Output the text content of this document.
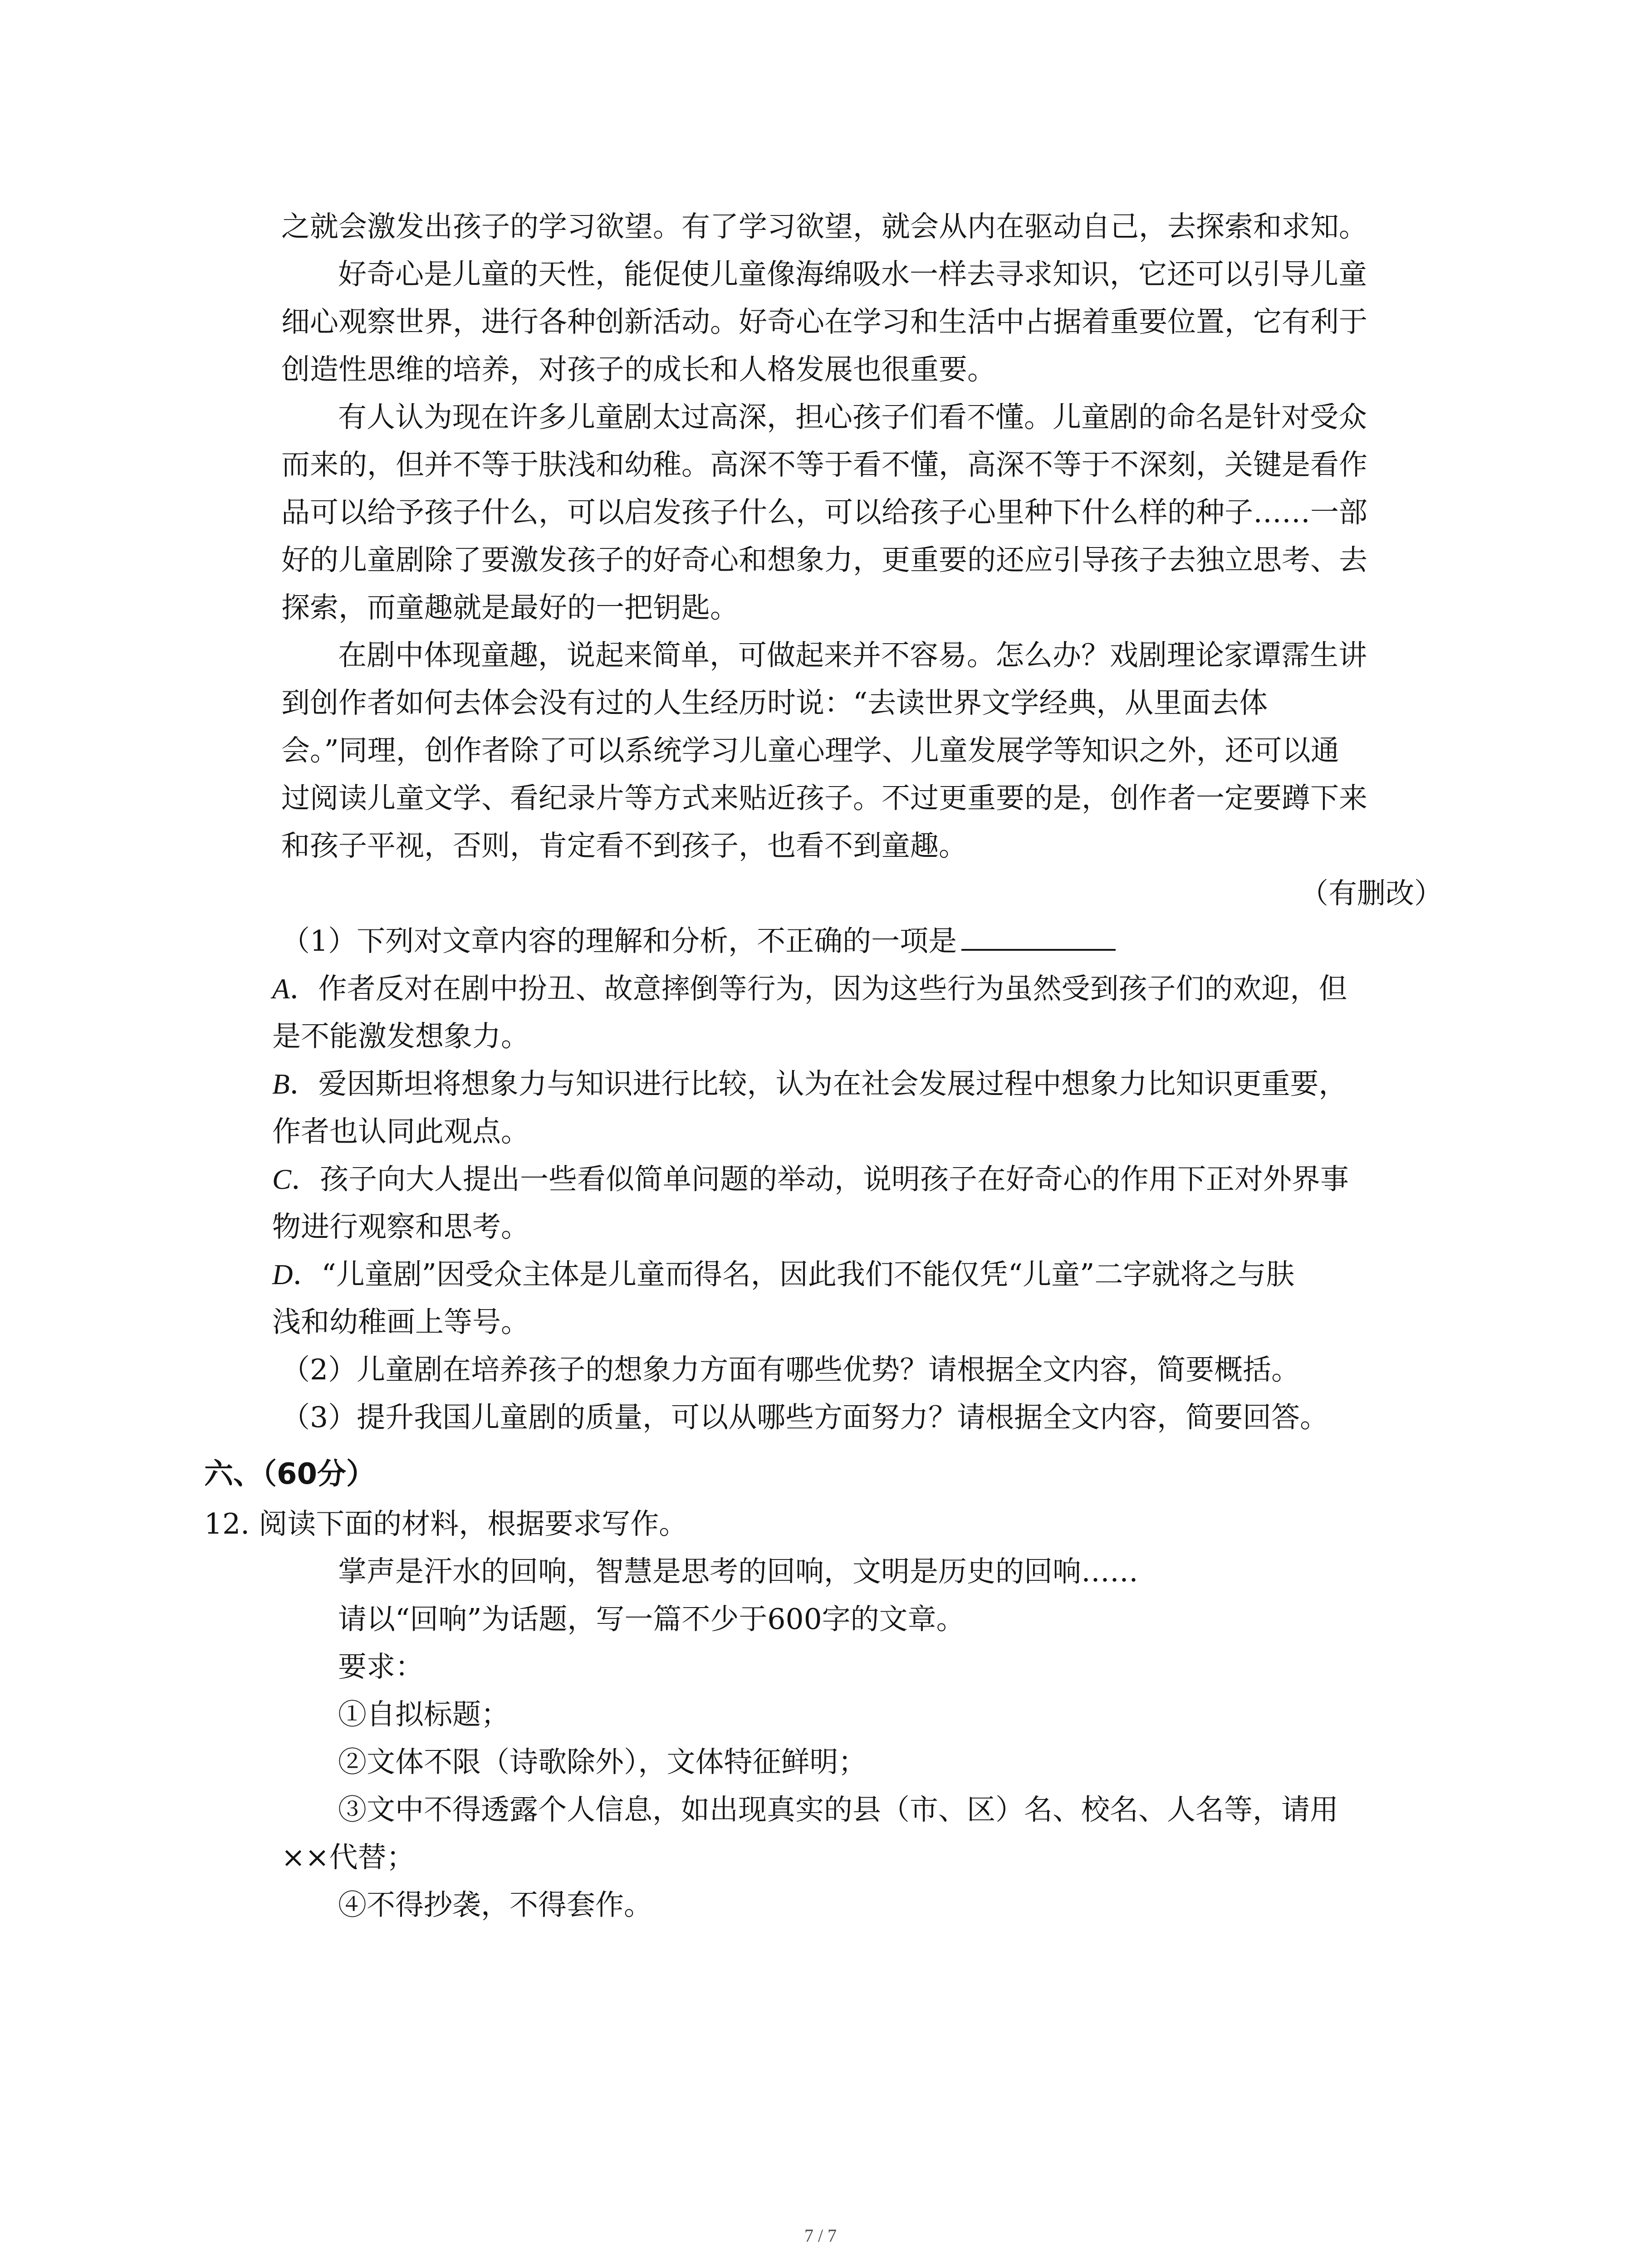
之就会激发出孩子的学习欲望。有了学习欲望，就会从内在驱动自己，去探索和求知。
好奇心是儿童的天性，能促使儿童像海绵吸水一样去寻求知识，它还可以引导儿童
细心观察世界，进行各种创新活动。好奇心在学习和生活中占据着重要位置，它有利于
创造性思维的培养，对孩子的成长和人格发展也很重要。
有人认为现在许多儿童剧太过高深，担心孩子们看不懂。儿童剧的命名是针对受众
而来的，但并不等于肤浅和幼稚。高深不等于看不懂，高深不等于不深刻，关键是看作
品可以给予孩子什么，可以启发孩子什么，可以给孩子心里种下什么样的种子……一部
好的儿童剧除了要激发孩子的好奇心和想象力，更重要的还应引导孩子去独立思考、去
探索，而童趣就是最好的一把钥匙。
在剧中体现童趣，说起来简单，可做起来并不容易。怎么办？戏剧理论家谭霈生讲
到创作者如何去体会没有过的人生经历时说：“去读世界文学经典，从里面去体
会。”同理，创作者除了可以系统学习儿童心理学、儿童发展学等知识之外，还可以通
过阅读儿童文学、看纪录片等方式来贴近孩子。不过更重要的是，创作者一定要蹲下来
和孩子平视，否则，肯定看不到孩子，也看不到童趣。
（有删改）
（1）下列对文章内容的理解和分析，不正确的一项是
A．作者反对在剧中扮丑、故意摔倒等行为，因为这些行为虽然受到孩子们的欢迎，但
是不能激发想象力。
B．爱因斯坦将想象力与知识进行比较，认为在社会发展过程中想象力比知识更重要，
作者也认同此观点。
C．孩子向大人提出一些看似简单问题的举动，说明孩子在好奇心的作用下正对外界事
物进行观察和思考。
D．“儿童剧”因受众主体是儿童而得名，因此我们不能仅凭“儿童”二字就将之与肤
浅和幼稚画上等号。
（2）儿童剧在培养孩子的想象力方面有哪些优势？请根据全文内容，简要概括。
（3）提升我国儿童剧的质量，可以从哪些方面努力？请根据全文内容，简要回答。
六、（60分）
12. 阅读下面的材料，根据要求写作。
掌声是汗水的回响，智慧是思考的回响，文明是历史的回响……
请以“回响”为话题，写一篇不少于600字的文章。
要求：
①自拟标题；
②文体不限（诗歌除外），文体特征鲜明；
③文中不得透露个人信息，如出现真实的县（市、区）名、校名、人名等，请用
××代替；
④不得抄袭，不得套作。
7 / 7
